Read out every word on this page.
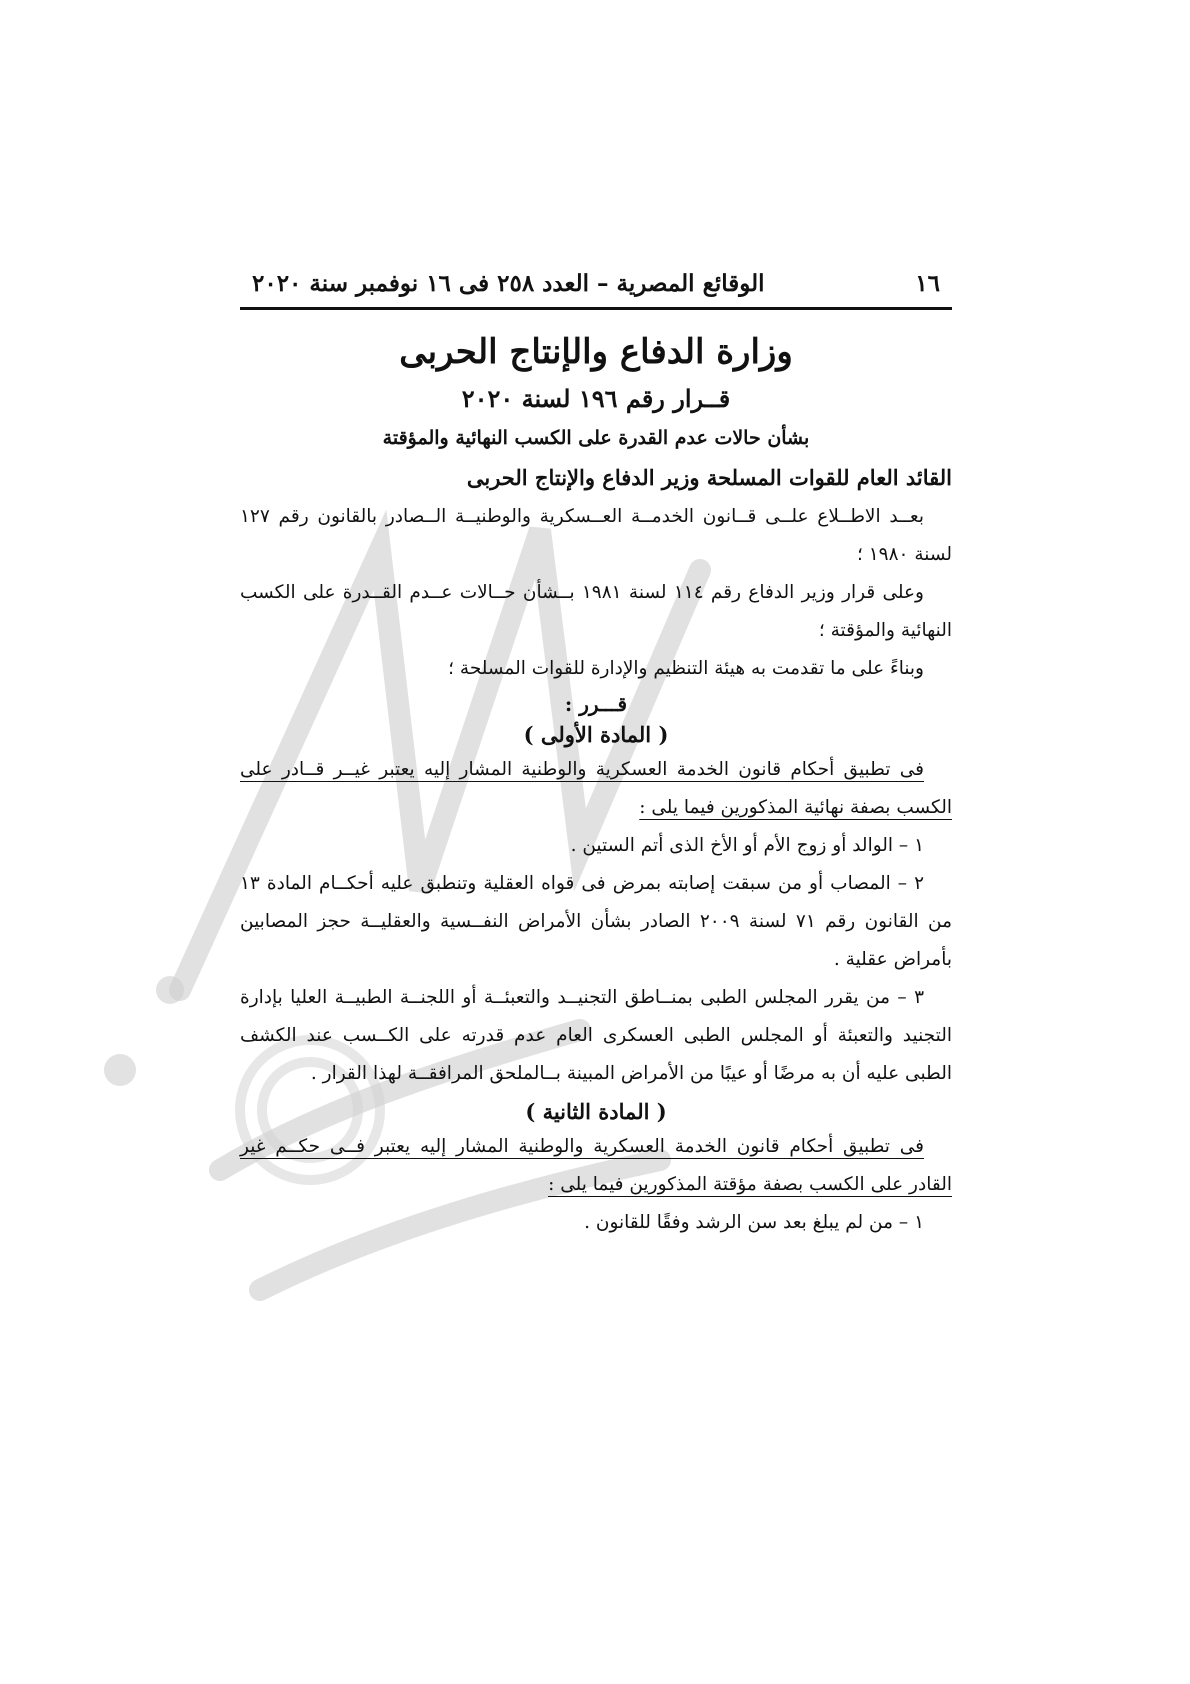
١٦
الوقائع المصرية – العدد ٢٥٨ فى ١٦ نوفمبر سنة ٢٠٢٠
وزارة الدفاع والإنتاج الحربى
قــرار رقم ١٩٦ لسنة ٢٠٢٠
بشأن حالات عدم القدرة على الكسب النهائية والمؤقتة
القائد العام للقوات المسلحة وزير الدفاع والإنتاج الحربى

بعــد الاطــلاع علــى قــانون الخدمــة العــسكرية والوطنيــة الــصادر بالقانون رقم ١٢٧ لسنة ١٩٨٠ ؛

وعلى قرار وزير الدفاع رقم ١١٤ لسنة ١٩٨١ بــشأن حــالات عــدم القــدرة على الكسب النهائية والمؤقتة ؛

وبناءً على ما تقدمت به هيئة التنظيم والإدارة للقوات المسلحة ؛

قـــرر :
( المادة الأولى )

فى تطبيق أحكام قانون الخدمة العسكرية والوطنية المشار إليه يعتبر غيــر قــادر على الكسب بصفة نهائية المذكورين فيما يلى :

١ – الوالد أو زوج الأم أو الأخ الذى أتم الستين .

٢ – المصاب أو من سبقت إصابته بمرض فى قواه العقلية وتنطبق عليه أحكــام المادة ١٣ من القانون رقم ٧١ لسنة ٢٠٠٩ الصادر بشأن الأمراض النفــسية والعقليــة حجز المصابين بأمراض عقلية .

٣ – من يقرر المجلس الطبى بمنــاطق التجنيــد والتعبئــة أو اللجنــة الطبيــة العليا بإدارة التجنيد والتعبئة أو المجلس الطبى العسكرى العام عدم قدرته على الكــسب عند الكشف الطبى عليه أن به مرضًا أو عيبًا من الأمراض المبينة بــالملحق المرافقــة لهذا القرار .

( المادة الثانية )

فى تطبيق أحكام قانون الخدمة العسكرية والوطنية المشار إليه يعتبر فــى حكــم غير القادر على الكسب بصفة مؤقتة المذكورين فيما يلى :

١ – من لم يبلغ بعد سن الرشد وفقًا للقانون .
